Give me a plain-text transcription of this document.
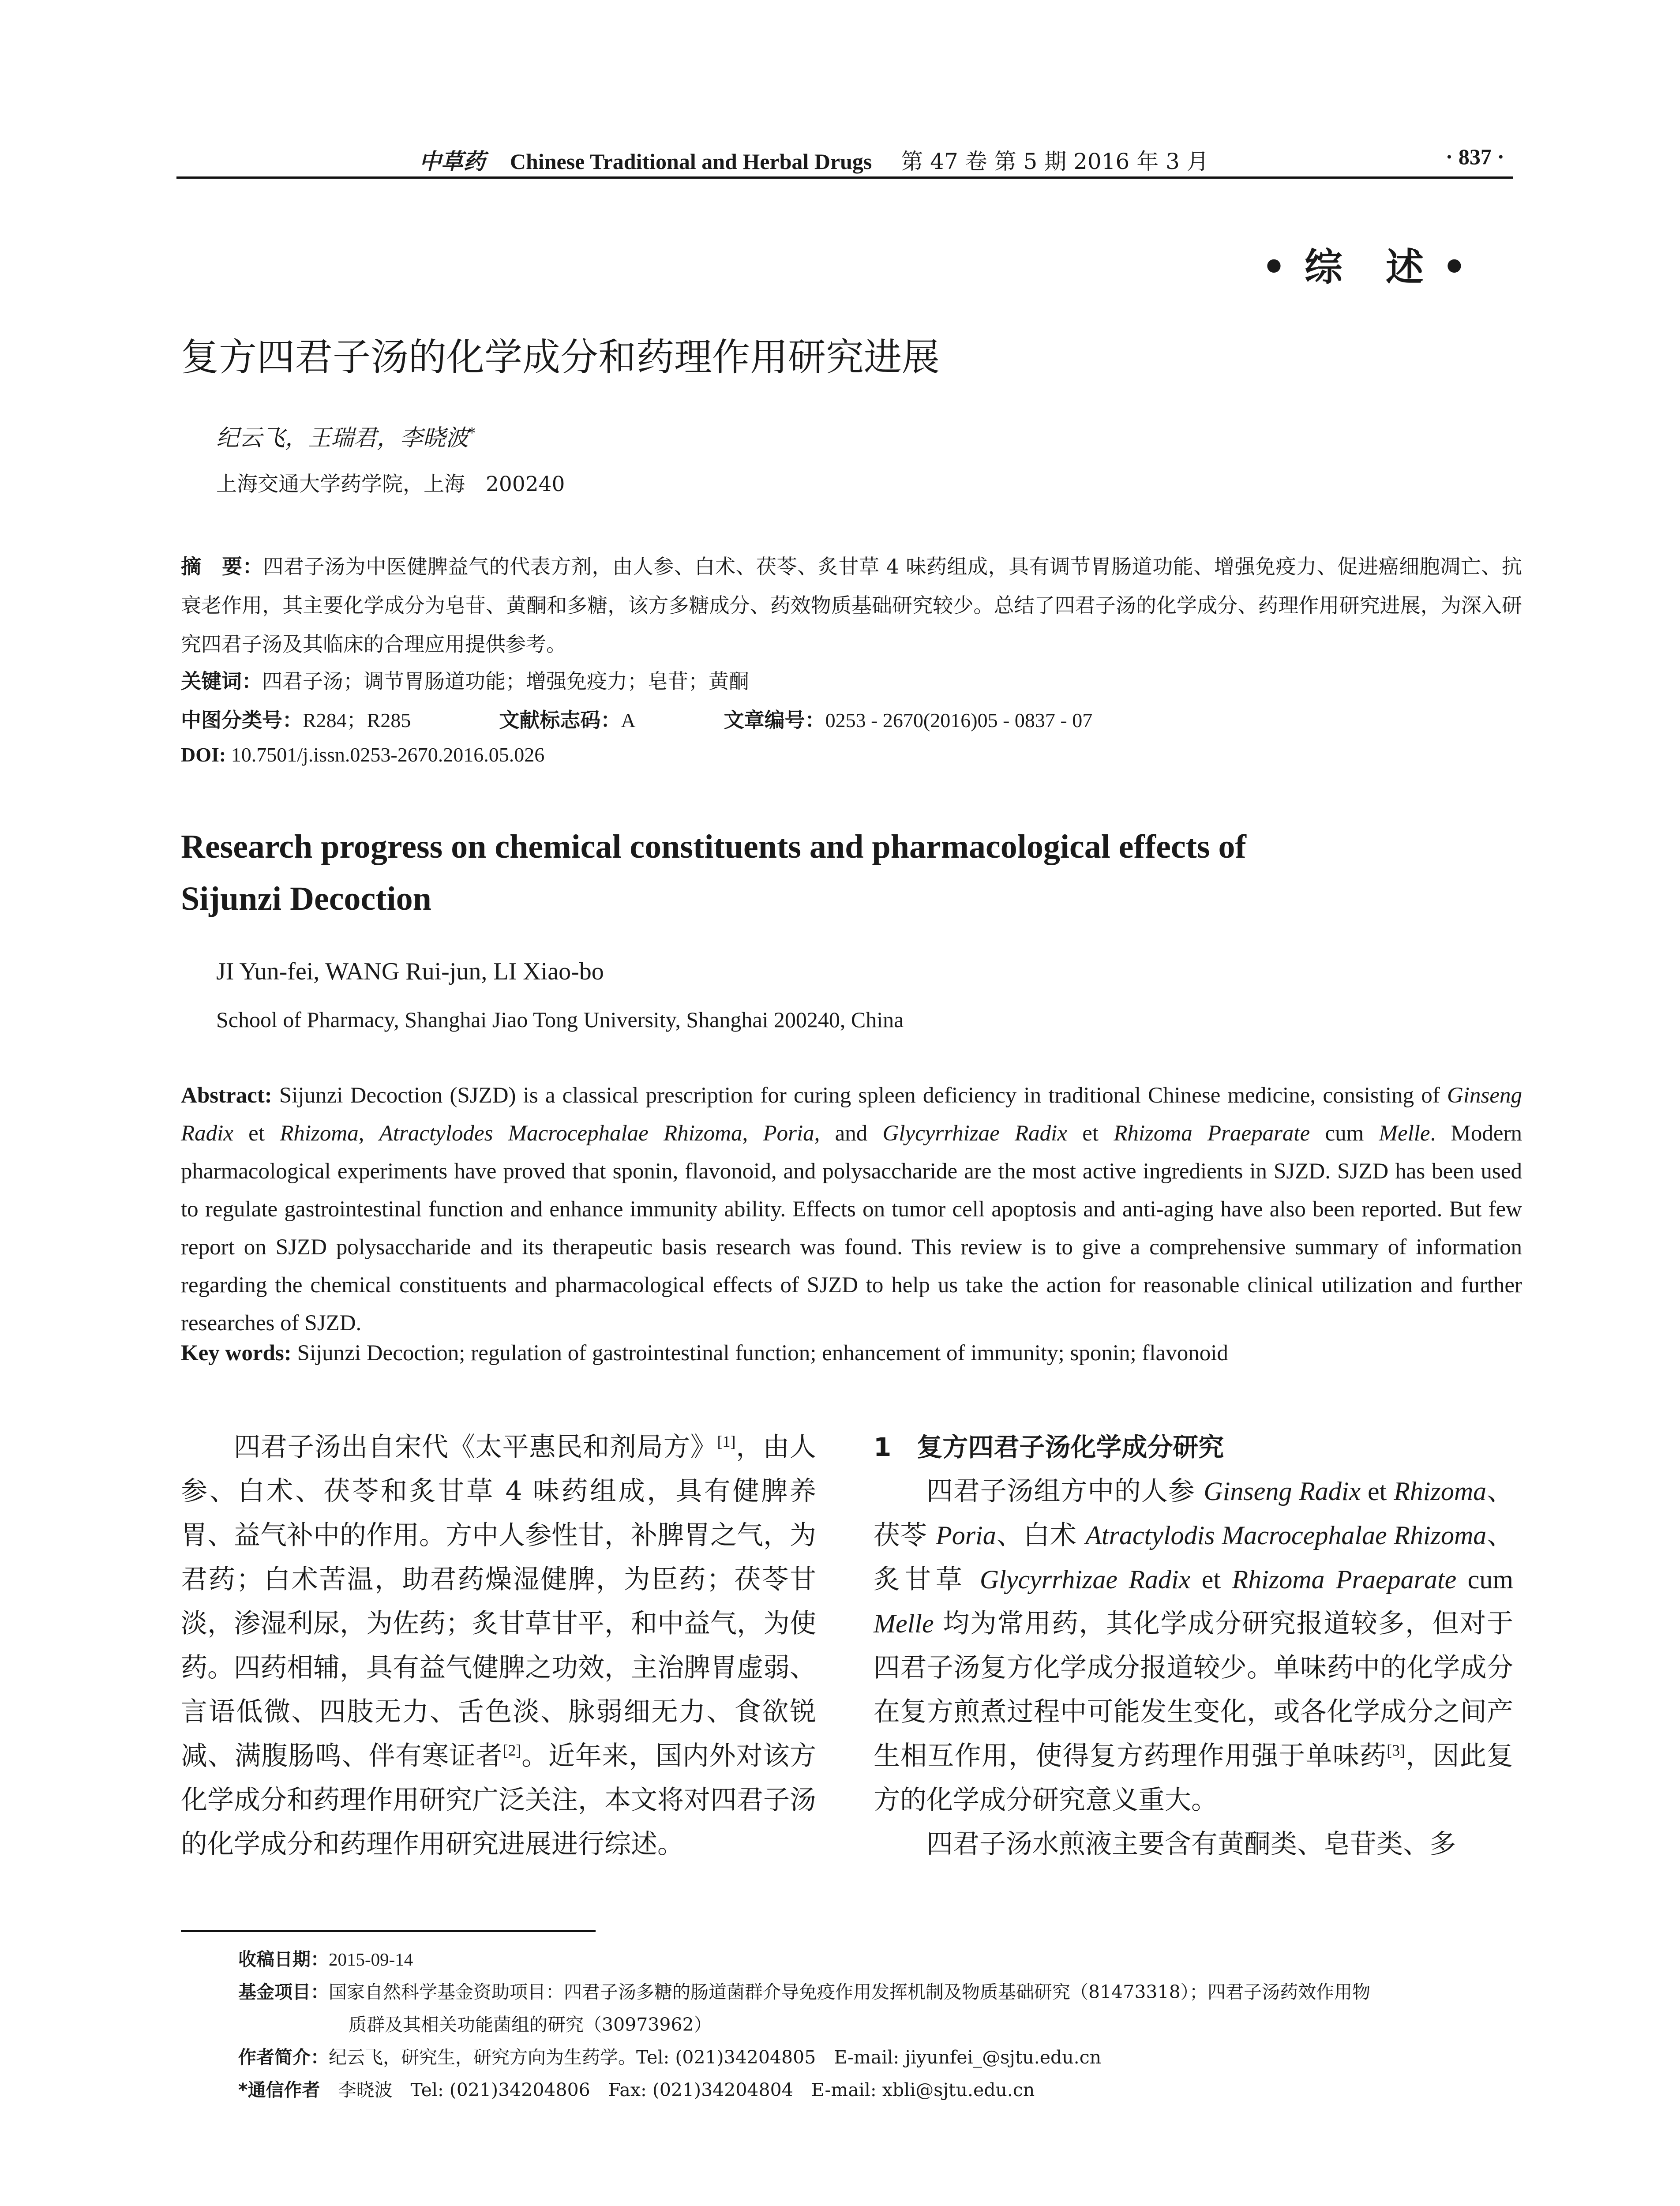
中草药 Chinese Traditional and Herbal Drugs 第 47 卷 第 5 期 2016 年 3 月	· 837 ·
• 综　述 •
复方四君子汤的化学成分和药理作用研究进展
纪云飞，王瑞君，李晓波*
上海交通大学药学院，上海　200240
摘　要：四君子汤为中医健脾益气的代表方剂，由人参、白术、茯苓、炙甘草 4 味药组成，具有调节胃肠道功能、增强免疫力、促进癌细胞凋亡、抗衰老作用，其主要化学成分为皂苷、黄酮和多糖，该方多糖成分、药效物质基础研究较少。总结了四君子汤的化学成分、药理作用研究进展，为深入研究四君子汤及其临床的合理应用提供参考。
关键词：四君子汤；调节胃肠道功能；增强免疫力；皂苷；黄酮
中图分类号：R284；R285	文献标志码：A	文章编号：0253 - 2670(2016)05 - 0837 - 07
DOI: 10.7501/j.issn.0253-2670.2016.05.026
Research progress on chemical constituents and pharmacological effects of
Sijunzi Decoction
JI Yun-fei, WANG Rui-jun, LI Xiao-bo
School of Pharmacy, Shanghai Jiao Tong University, Shanghai 200240, China
Abstract: Sijunzi Decoction (SJZD) is a classical prescription for curing spleen deficiency in traditional Chinese medicine, consisting of Ginseng Radix et Rhizoma, Atractylodes Macrocephalae Rhizoma, Poria, and Glycyrrhizae Radix et Rhizoma Praeparate cum Melle. Modern pharmacological experiments have proved that sponin, flavonoid, and polysaccharide are the most active ingredients in SJZD. SJZD has been used to regulate gastrointestinal function and enhance immunity ability. Effects on tumor cell apoptosis and anti-aging have also been reported. But few report on SJZD polysaccharide and its therapeutic basis research was found. This review is to give a comprehensive summary of information regarding the chemical constituents and pharmacological effects of SJZD to help us take the action for reasonable clinical utilization and further researches of SJZD.
Key words: Sijunzi Decoction; regulation of gastrointestinal function; enhancement of immunity; sponin; flavonoid

四君子汤出自宋代《太平惠民和剂局方》[1]，由人参、白术、茯苓和炙甘草 4 味药组成，具有健脾养胃、益气补中的作用。方中人参性甘，补脾胃之气，为君药；白术苦温，助君药燥湿健脾，为臣药；茯苓甘淡，渗湿利尿，为佐药；炙甘草甘平，和中益气，为使药。四药相辅，具有益气健脾之功效，主治脾胃虚弱、言语低微、四肢无力、舌色淡、脉弱细无力、食欲锐减、满腹肠鸣、伴有寒证者[2]。近年来，国内外对该方化学成分和药理作用研究广泛关注，本文将对四君子汤的化学成分和药理作用研究进展进行综述。

1　复方四君子汤化学成分研究

四君子汤组方中的人参 Ginseng Radix et Rhizoma、茯苓 Poria、白术 Atractylodis Macrocephalae Rhizoma、炙甘草 Glycyrrhizae Radix et Rhizoma Praeparate cum Melle 均为常用药，其化学成分研究报道较多，但对于四君子汤复方化学成分报道较少。单味药中的化学成分在复方煎煮过程中可能发生变化，或各化学成分之间产生相互作用，使得复方药理作用强于单味药[3]，因此复方的化学成分研究意义重大。

四君子汤水煎液主要含有黄酮类、皂苷类、多

收稿日期：2015-09-14
基金项目：国家自然科学基金资助项目：四君子汤多糖的肠道菌群介导免疫作用发挥机制及物质基础研究（81473318）；四君子汤药效作用物
质群及其相关功能菌组的研究（30973962）
作者简介：纪云飞，研究生，研究方向为生药学。Tel: (021)34204805　E-mail: jiyunfei_@sjtu.edu.cn
*通信作者　李晓波　Tel: (021)34204806　Fax: (021)34204804　E-mail: xbli@sjtu.edu.cn
